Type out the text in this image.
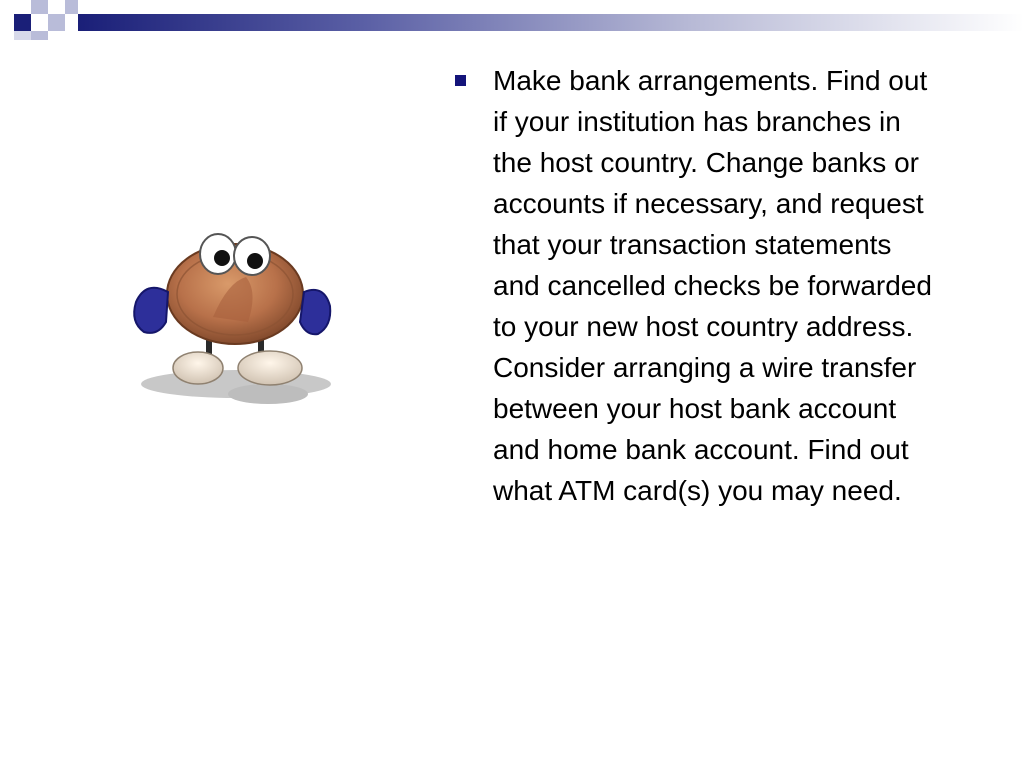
Make bank arrangements. Find out if your institution has branches in the host country. Change banks or accounts if necessary, and request that your transaction statements and cancelled checks be forwarded to your new host country address. Consider arranging a wire transfer between your host bank account and home bank account. Find out what ATM card(s) you may need.
